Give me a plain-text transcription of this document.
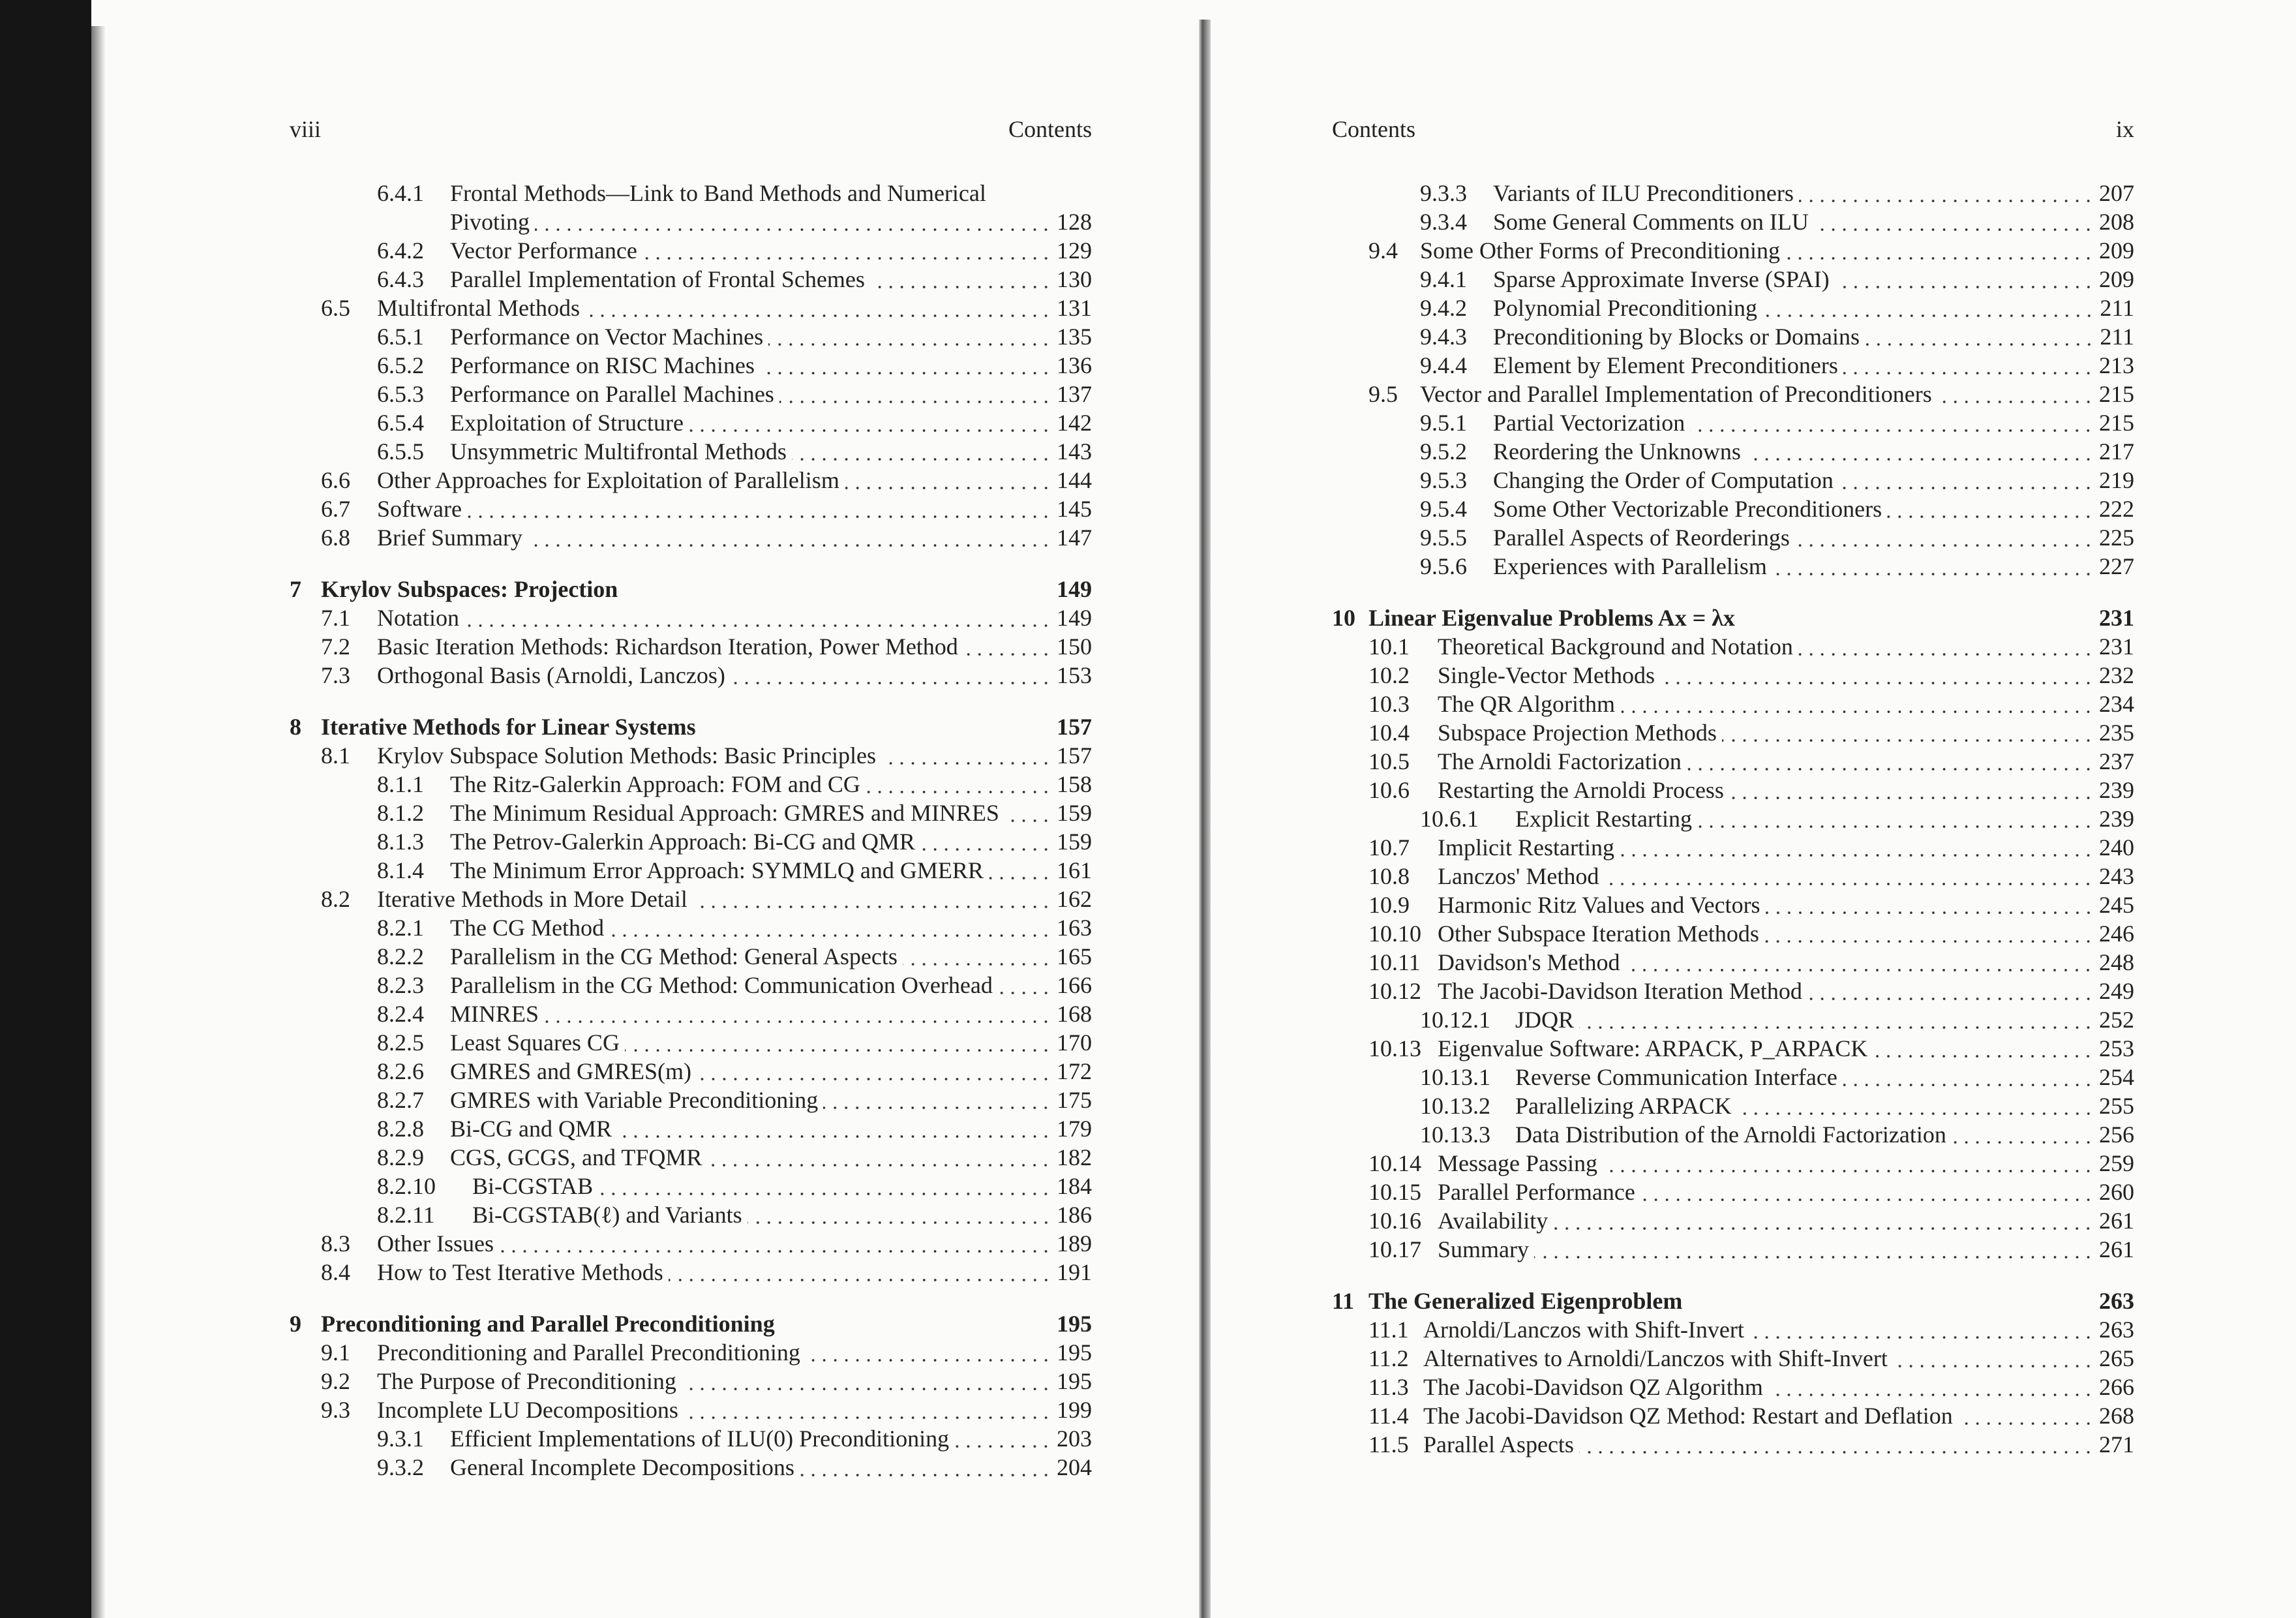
viii	Contents	Contents	ix
6.4.1	Frontal Methods—Link to Band Methods and Numerical
Pivoting	128
6.4.2	Vector Performance	129
6.4.3	Parallel Implementation of Frontal Schemes	130
6.5	Multifrontal Methods	131
6.5.1	Performance on Vector Machines	135
6.5.2	Performance on RISC Machines	136
6.5.3	Performance on Parallel Machines	137
6.5.4	Exploitation of Structure	142
6.5.5	Unsymmetric Multifrontal Methods	143
6.6	Other Approaches for Exploitation of Parallelism	144
6.7	Software	145
6.8	Brief Summary	147
7 Krylov Subspaces: Projection	149
7.1	Notation	149
7.2	Basic Iteration Methods: Richardson Iteration, Power Method	150
7.3	Orthogonal Basis (Arnoldi, Lanczos)	153
8 Iterative Methods for Linear Systems	157
8.1	Krylov Subspace Solution Methods: Basic Principles	157
8.1.1	The Ritz-Galerkin Approach: FOM and CG	158
8.1.2	The Minimum Residual Approach: GMRES and MINRES 159
8.1.3	The Petrov-Galerkin Approach: Bi-CG and QMR	159
8.1.4	The Minimum Error Approach: SYMMLQ and GMERR	161
8.2	Iterative Methods in More Detail	162
8.2.1	The CG Method	163
8.2.2	Parallelism in the CG Method: General Aspects	165
8.2.3	Parallelism in the CG Method: Communication Overhead	166
8.2.4	MINRES	168
8.2.5	Least Squares CG	170
8.2.6	GMRES and GMRES(m)	172
8.2.7	GMRES with Variable Preconditioning	175
8.2.8	Bi-CG and QMR	179
8.2.9	CGS, GCGS, and TFQMR	182
8.2.10	Bi-CGSTAB	184
8.2.11	Bi-CGSTAB(ℓ) and Variants	186
8.3	Other Issues	189
8.4	How to Test Iterative Methods	191
9 Preconditioning and Parallel Preconditioning	195
9.1	Preconditioning and Parallel Preconditioning	195
9.2	The Purpose of Preconditioning	195
9.3	Incomplete LU Decompositions	199
9.3.1	Efficient Implementations of ILU(0) Preconditioning	203
9.3.2	General Incomplete Decompositions	204
9.3.3	Variants of ILU Preconditioners	207
9.3.4	Some General Comments on ILU	208
9.4 Some Other Forms of Preconditioning	209
9.4.1	Sparse Approximate Inverse (SPAI)	209
9.4.2	Polynomial Preconditioning	211
9.4.3	Preconditioning by Blocks or Domains	211
9.4.4	Element by Element Preconditioners	213
9.5 Vector and Parallel Implementation of Preconditioners	215
9.5.1	Partial Vectorization	215
9.5.2	Reordering the Unknowns	217
9.5.3	Changing the Order of Computation	219
9.5.4	Some Other Vectorizable Preconditioners	222
9.5.5	Parallel Aspects of Reorderings	225
9.5.6	Experiences with Parallelism	227
10 Linear Eigenvalue Problems Ax = λx	231
10.1	Theoretical Background and Notation	231
10.2	Single-Vector Methods	232
10.3	The QR Algorithm	234
10.4	Subspace Projection Methods	235
10.5	The Arnoldi Factorization	237
10.6	Restarting the Arnoldi Process	239
10.6.1	Explicit Restarting	239
10.7	Implicit Restarting	240
10.8	Lanczos' Method	243
10.9	Harmonic Ritz Values and Vectors	245
10.10 Other Subspace Iteration Methods	246
10.11 Davidson's Method	248
10.12 The Jacobi-Davidson Iteration Method	249
10.12.1	JDQR	252
10.13 Eigenvalue Software: ARPACK, P_ARPACK	253
10.13.1	Reverse Communication Interface	254
10.13.2	Parallelizing ARPACK	255
10.13.3	Data Distribution of the Arnoldi Factorization	256
10.14 Message Passing	259
10.15 Parallel Performance	260
10.16 Availability	261
10.17 Summary	261
11 The Generalized Eigenproblem	263
11.1 Arnoldi/Lanczos with Shift-Invert	263
11.2 Alternatives to Arnoldi/Lanczos with Shift-Invert	265
11.3 The Jacobi-Davidson QZ Algorithm	266
11.4 The Jacobi-Davidson QZ Method: Restart and Deflation	268
11.5 Parallel Aspects	271
